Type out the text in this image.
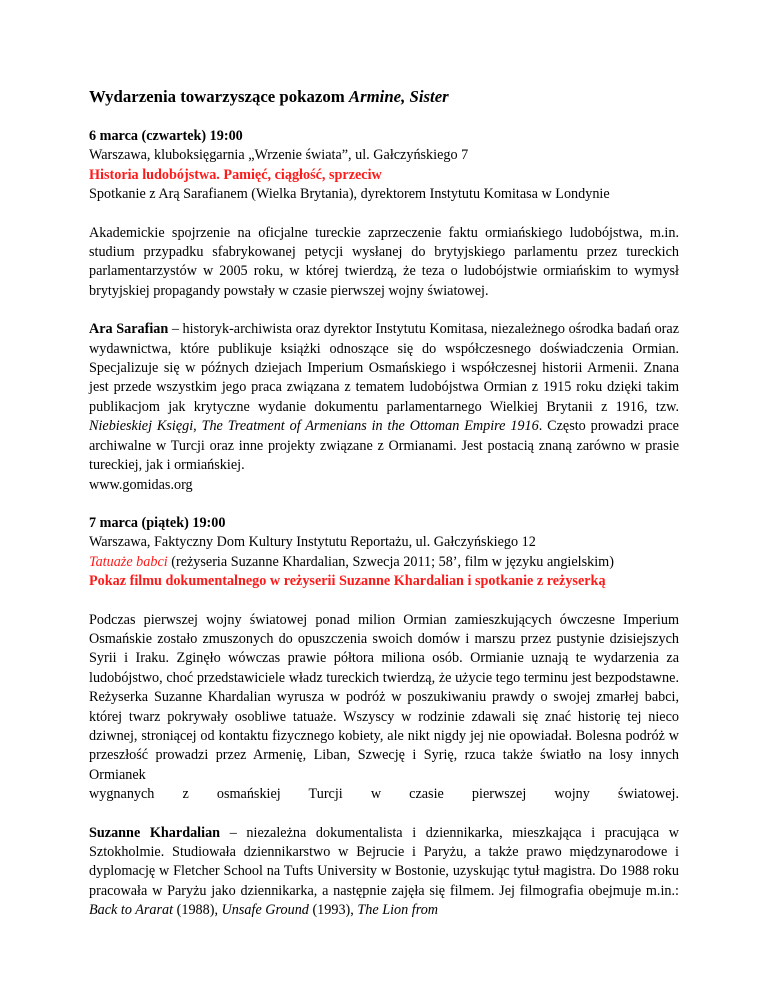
Wydarzenia towarzyszące pokazom Armine, Sister

6 marca (czwartek) 19:00

Warszawa, kluboksięgarnia „Wrzenie świata”, ul. Gałczyńskiego 7

Historia ludobójstwa. Pamięć, ciągłość, sprzeciw

Spotkanie z Arą Sarafianem (Wielka Brytania), dyrektorem Instytutu Komitasa w Londynie

Akademickie spojrzenie na oficjalne tureckie zaprzeczenie faktu ormiańskiego ludobójstwa, m.in. studium przypadku sfabrykowanej petycji wysłanej do brytyjskiego parlamentu przez tureckich parlamentarzystów w 2005 roku, w której twierdzą, że teza o ludobójstwie ormiańskim to wymysł brytyjskiej propagandy powstały w czasie pierwszej wojny światowej.

Ara Sarafian – historyk-archiwista oraz dyrektor Instytutu Komitasa, niezależnego ośrodka badań oraz wydawnictwa, które publikuje książki odnoszące się do współczesnego doświadczenia Ormian. Specjalizuje się w późnych dziejach Imperium Osmańskiego i współczesnej historii Armenii. Znana jest przede wszystkim jego praca związana z tematem ludobójstwa Ormian z 1915 roku dzięki takim publikacjom jak krytyczne wydanie dokumentu parlamentarnego Wielkiej Brytanii z 1916, tzw. Niebieskiej Księgi, The Treatment of Armenians in the Ottoman Empire 1916. Często prowadzi prace archiwalne w Turcji oraz inne projekty związane z Ormianami. Jest postacią znaną zarówno w prasie tureckiej, jak i ormiańskiej.

www.gomidas.org

7 marca (piątek) 19:00

Warszawa, Faktyczny Dom Kultury Instytutu Reportażu, ul. Gałczyńskiego 12

Tatuaże babci (reżyseria Suzanne Khardalian, Szwecja 2011; 58’, film w języku angielskim)

Pokaz filmu dokumentalnego w reżyserii Suzanne Khardalian i spotkanie z reżyserką

Podczas pierwszej wojny światowej ponad milion Ormian zamieszkujących ówczesne Imperium Osmańskie zostało zmuszonych do opuszczenia swoich domów i marszu przez pustynie dzisiejszych Syrii i Iraku. Zginęło wówczas prawie półtora miliona osób. Ormianie uznają te wydarzenia za ludobójstwo, choć przedstawiciele władz tureckich twierdzą, że użycie tego terminu jest bezpodstawne. Reżyserka Suzanne Khardalian wyrusza w podróż w poszukiwaniu prawdy o swojej zmarłej babci, której twarz pokrywały osobliwe tatuaże. Wszyscy w rodzinie zdawali się znać historię tej nieco dziwnej, stroniącej od kontaktu fizycznego kobiety, ale nikt nigdy jej nie opowiadał. Bolesna podróż w przeszłość prowadzi przez Armenię, Liban, Szwecję i Syrię, rzuca także światło na losy innych Ormianek

wygnanych z osmańskiej Turcji w czasie pierwszej wojny światowej.

Suzanne Khardalian – niezależna dokumentalista i dziennikarka, mieszkająca i pracująca w Sztokholmie. Studiowała dziennikarstwo w Bejrucie i Paryżu, a także prawo międzynarodowe i dyplomację w Fletcher School na Tufts University w Bostonie, uzyskując tytuł magistra. Do 1988 roku pracowała w Paryżu jako dziennikarka, a następnie zajęła się filmem. Jej filmografia obejmuje m.in.: Back to Ararat (1988), Unsafe Ground (1993), The Lion from
